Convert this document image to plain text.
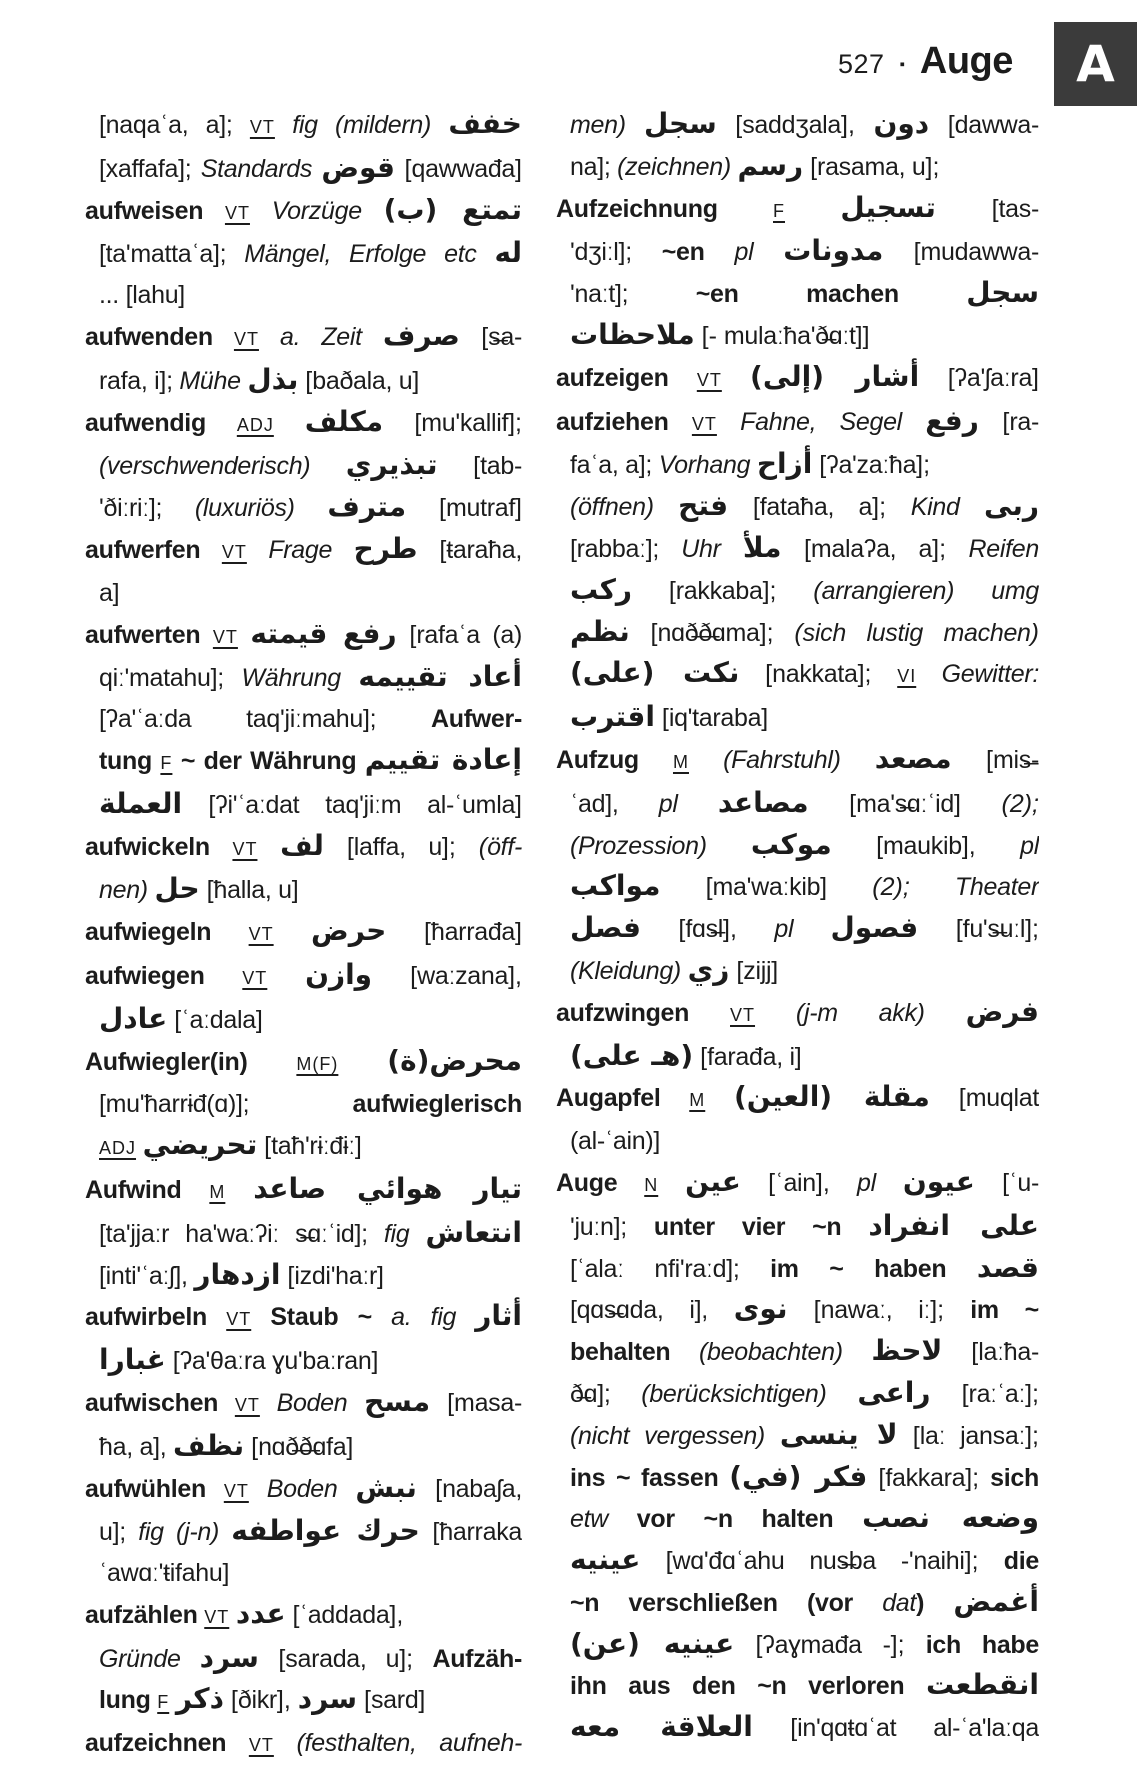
527 ▪ Auge A
[naqaʿa, a]; VT fig (mildern) خفف
[xaffafa]; Standards قوض [qawwađa]
aufweisen VT Vorzüge تمتع (ب)
[ta'mattaʿa]; Mängel, Erfolge etc له
... [lahu]
aufwenden VT a. Zeit صرف [s̶a-
rafa, i]; Mühe بذل [baðala, u]
aufwendig ADJ مكلف [mu'kallif];
(verschwenderisch) تبذيري [tab-
'ðiːriː]; (luxuriös) مترف [mutraf]
aufwerfen VT Frage طرح [ŧaraħa,
a]
aufwerten VT رفع قيمته [rafaʿa (a)
qiː'matahu]; Währung أعاد تقييمه
[ʔa'ʿaːda taq'jiːmahu]; Aufwer-
tung F ~ der Währung إعادة تقييم
العملة [ʔi'ʿaːdat taq'jiːm al-ʿumla]
aufwickeln VT لف [laffa, u]; (öff-
nen) حل [ħalla, u]
aufwiegeln VT حرض [ħarrađa]
aufwiegen VT وازن [waːzana],
عادل [ʿaːdala]
Aufwiegler(in) M(F) محرض(ة)
[mu'ħarrɨđ(ɑ)]; aufwieglerisch
ADJ تحريضي [taħ'rɨːđɨː]
Aufwind M تيار هوائي صاعد
[ta'jjaːr ha'waːʔiː s̶ɑːʿid]; fig انتعاش
[inti'ʿaːʃ], ازدهار [izdi'haːr]
aufwirbeln VT Staub ~ a. fig أثار
غبارا [ʔa'θaːra ɣu'baːran]
aufwischen VT Boden مسح [masa-
ħa, a], نظف [nɑð̶ð̶ɑfa]
aufwühlen VT Boden نبش [nabaʃa,
u]; fig (j-n) حرك عواطفه [ħarraka
ʿawɑː'ŧifahu]
aufzählen VT عدد [ʿaddada],
Gründe سرد [sarada, u]; Aufzäh-
lung F ذكر [ðikr], سرد [sard]
aufzeichnen VT (festhalten, aufneh-
men) سجل [saddʒala], دون [dawwa-
na]; (zeichnen) رسم [rasama, u];
Aufzeichnung F تسجيل [tas-
'dʒiːl]; ~en pl مدونات [mudawwa-
'naːt]; ~en machen سجل
ملاحظات [- mulaːħa'ð̶ɑːt]]
aufzeigen VT أشار (إلى) [ʔa'ʃaːra]
aufziehen VT Fahne, Segel رفع [ra-
faʿa, a]; Vorhang أزاح [ʔa'zaːħa];
(öffnen) فتح [fataħa, a]; Kind ربى
[rabbaː]; Uhr ملأ [malaʔa, a]; Reifen
ركب [rakkaba]; (arrangieren) umg
نظم [nɑð̶ð̶ɑma]; (sich lustig machen)
نكت (على) [nakkata]; VI Gewitter:
اقترب [iq'taraba]
Aufzug M (Fahrstuhl) مصعد [mis̶-
ʿad], pl مصاعد [ma's̶ɑːʿid] (2);
(Prozession) موكب [maukib], pl
مواكب [ma'waːkib] (2); Theater
فصل [fɑs̶l], pl فصول [fu's̶uːl];
(Kleidung) زي [zijj]
aufzwingen VT (j-m akk) فرض
(هـ على) [farađa, i]
Augapfel M مقلة (العين) [muqlat
(al-ʿain)]
Auge N عين [ʿain], pl عيون [ʿu-
'juːn]; unter vier ~n على انفراد
[ʿalaː nfi'raːd]; im ~ haben قصد
[qɑs̶ɑda, i], نوى [nawaː, iː]; im ~
behalten (beobachten) لاحظ [laːħa-
ð̶ɑ]; (berücksichtigen) راعى [raːʿaː];
(nicht vergessen) لا ينسى [laː jansaː];
ins ~ fassen فكر (في) [fakkara]; sich
etw vor ~n halten وضعه نصب
عينيه [wɑ'đɑʿahu nus̶ba -'naihi]; die
~n verschließen (vor dat) أغمض
عينيه (عن) [ʔaɣmađa -]; ich habe
ihn aus den ~n verloren انقطعت
العلاقة معه [in'qɑŧɑʿat al-ʿa'laːqa
